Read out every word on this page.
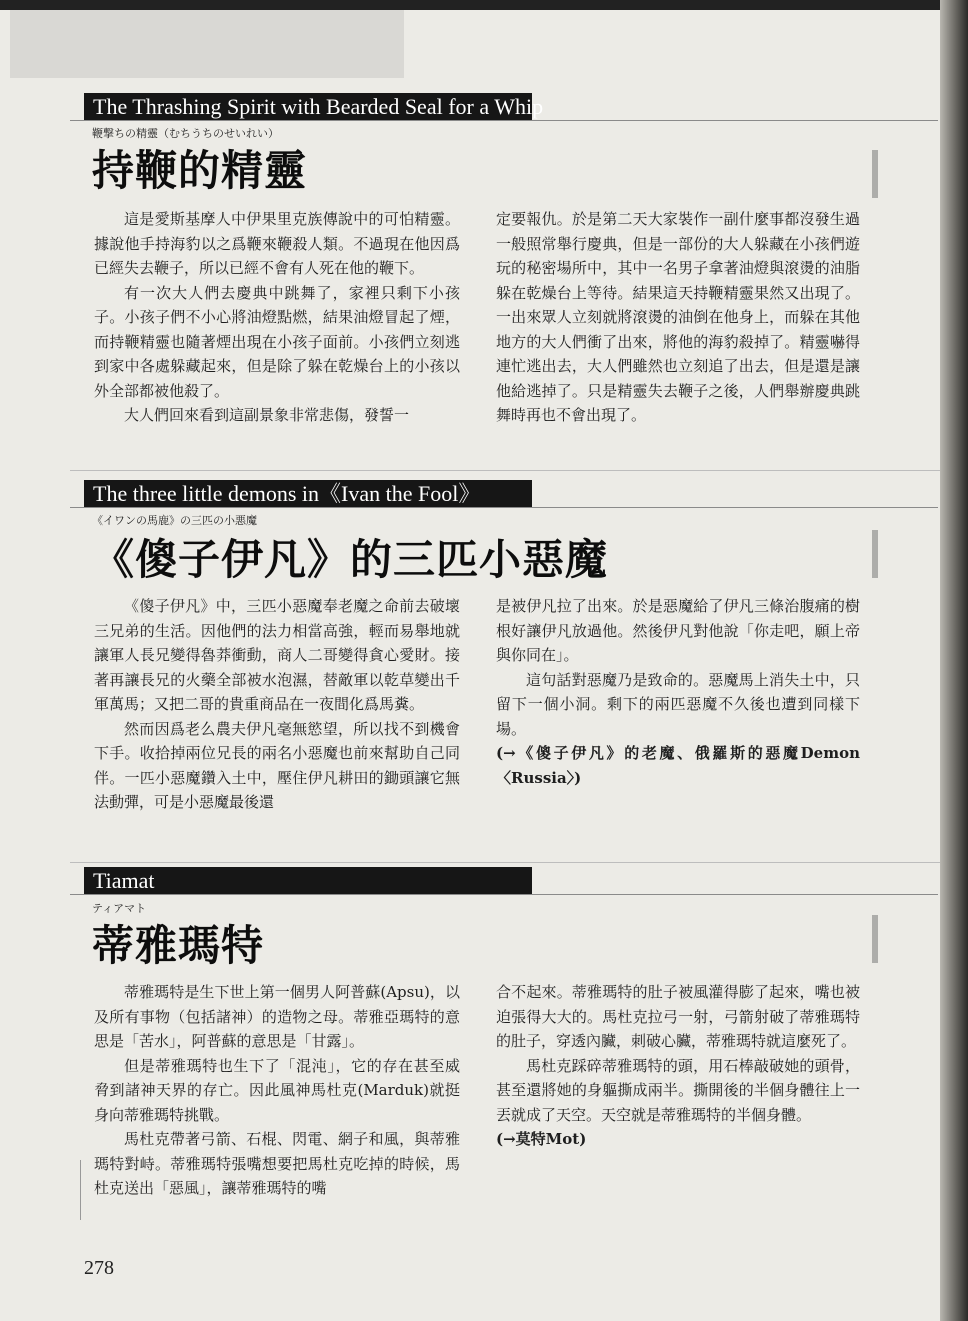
The Thrashing Spirit with Bearded Seal for a Whip
鞭撃ちの精靈（むちうちのせいれい）
持鞭的精靈

這是愛斯基摩人中伊果里克族傳說中的可怕精靈。據說他手持海豹以之爲鞭來鞭殺人類。不過現在他因爲已經失去鞭子，所以已經不會有人死在他的鞭下。

有一次大人們去慶典中跳舞了，家裡只剩下小孩子。小孩子們不小心將油燈點燃，結果油燈冒起了煙，而持鞭精靈也隨著煙出現在小孩子面前。小孩們立刻逃到家中各處躲藏起來，但是除了躲在乾燥台上的小孩以外全部都被他殺了。

大人們回來看到這副景象非常悲傷，發誓一

定要報仇。於是第二天大家裝作一副什麼事都沒發生過一般照常舉行慶典，但是一部份的大人躲藏在小孩們遊玩的秘密場所中，其中一名男子拿著油燈與滾燙的油脂躲在乾燥台上等待。結果這天持鞭精靈果然又出現了。一出來眾人立刻就將滾燙的油倒在他身上，而躲在其他地方的大人們衝了出來，將他的海豹殺掉了。精靈嚇得連忙逃出去，大人們雖然也立刻追了出去，但是還是讓他給逃掉了。只是精靈失去鞭子之後，人們舉辦慶典跳舞時再也不會出現了。

The three little demons in《Ivan the Fool》
《イワンの馬鹿》の三匹の小悪魔
《傻子伊凡》的三匹小惡魔

《傻子伊凡》中，三匹小惡魔奉老魔之命前去破壞三兄弟的生活。因他們的法力相當高強，輕而易舉地就讓軍人長兄變得魯莽衝動，商人二哥變得貪心愛財。接著再讓長兄的火藥全部被水泡濕，替敵軍以乾草變出千軍萬馬；又把二哥的貴重商品在一夜間化爲馬糞。

然而因爲老么農夫伊凡毫無慾望，所以找不到機會下手。收拾掉兩位兄長的兩名小惡魔也前來幫助自己同伴。一匹小惡魔鑽入土中，壓住伊凡耕田的鋤頭讓它無法動彈，可是小惡魔最後還

是被伊凡拉了出來。於是惡魔給了伊凡三條治腹痛的樹根好讓伊凡放過他。然後伊凡對他說「你走吧，願上帝與你同在」。

這句話對惡魔乃是致命的。惡魔馬上消失土中，只留下一個小洞。剩下的兩匹惡魔不久後也遭到同樣下場。

(→《傻子伊凡》的老魔、俄羅斯的惡魔Demon〈Russia〉)

Tiamat
ティアマト
蒂雅瑪特

蒂雅瑪特是生下世上第一個男人阿普蘇(Apsu)，以及所有事物（包括諸神）的造物之母。蒂雅亞瑪特的意思是「苦水」，阿普蘇的意思是「甘露」。

但是蒂雅瑪特也生下了「混沌」，它的存在甚至威脅到諸神天界的存亡。因此風神馬杜克(Marduk)就挺身向蒂雅瑪特挑戰。

馬杜克帶著弓箭、石棍、閃電、網子和風，與蒂雅瑪特對峙。蒂雅瑪特張嘴想要把馬杜克吃掉的時候，馬杜克送出「惡風」，讓蒂雅瑪特的嘴

合不起來。蒂雅瑪特的肚子被風灌得膨了起來，嘴也被迫張得大大的。馬杜克拉弓一射，弓箭射破了蒂雅瑪特的肚子，穿透內臟，刺破心臟，蒂雅瑪特就這麼死了。

馬杜克踩碎蒂雅瑪特的頭，用石棒敲破她的頭骨，甚至還將她的身軀撕成兩半。撕開後的半個身體往上一丟就成了天空。天空就是蒂雅瑪特的半個身體。

(→莫特Mot)

278
